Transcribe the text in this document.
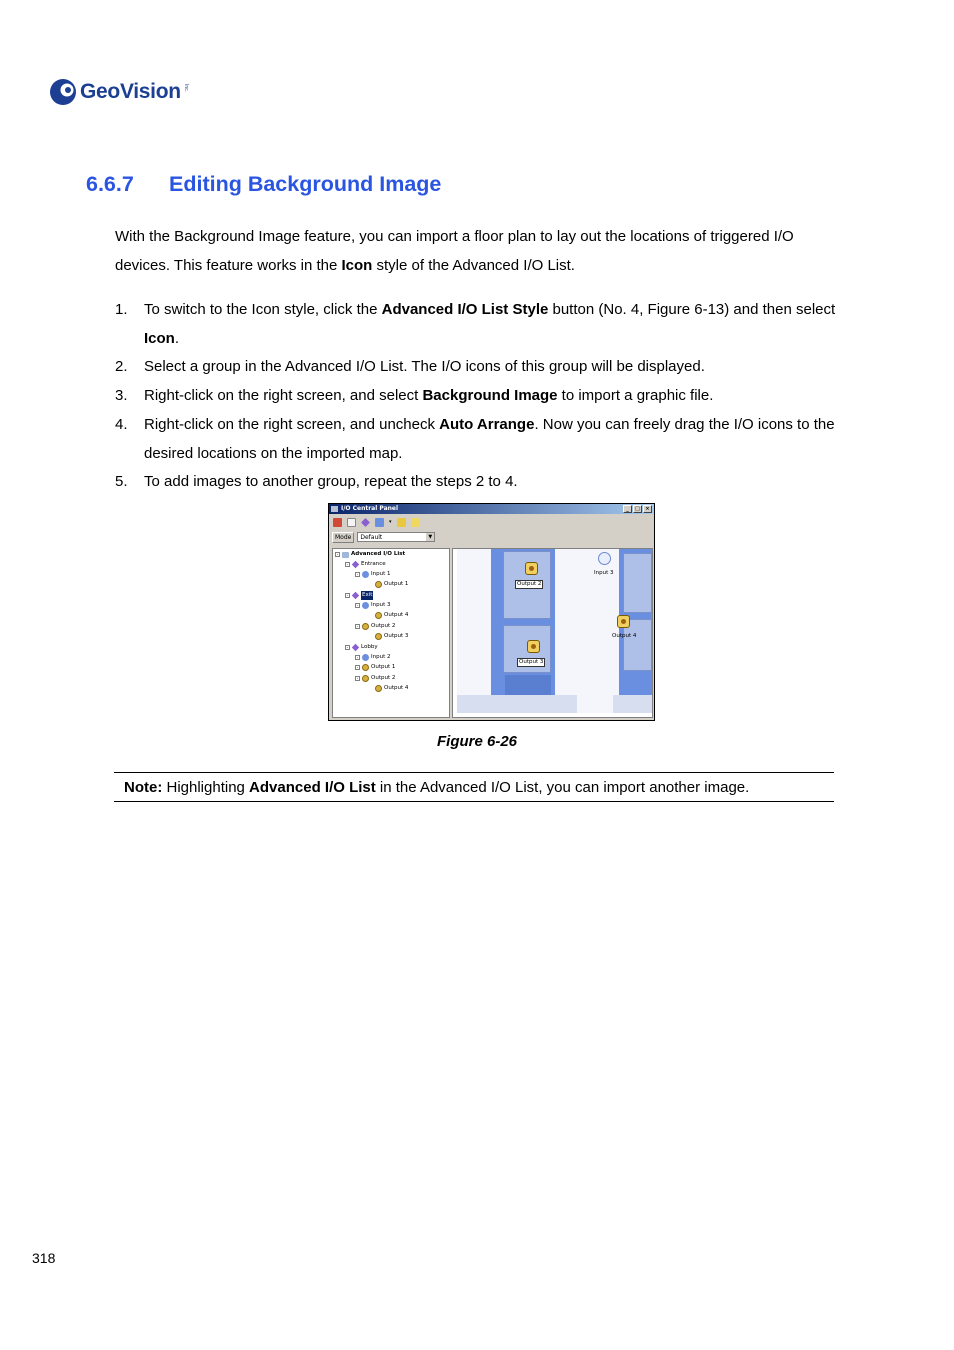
GeoVision Inc.
6.6.7 Editing Background Image
With the Background Image feature, you can import a floor plan to lay out the locations of triggered I/O devices. This feature works in the Icon style of the Advanced I/O List.
1. To switch to the Icon style, click the Advanced I/O List Style button (No. 4, Figure 6-13) and then select Icon.
2. Select a group in the Advanced I/O List. The I/O icons of this group will be displayed.
3. Right-click on the right screen, and select Background Image to import a graphic file.
4. Right-click on the right screen, and uncheck Auto Arrange. Now you can freely drag the I/O icons to the desired locations on the imported map.
5. To add images to another group, repeat the steps 2 to 4.
I/O Central Panel	_	□	×
▾
Mode	Default	▼
-	Advanced I/O List
-	Entrance
-	Input 1
Output 1
-	Exit
-	Input 3
Output 4
-	Output 2
Output 3
-	Lobby
-	Input 2
-	Output 1
-	Output 2
Output 4
Output 2
Input 3
Output 4
Output 3
Figure 6-26
Note: Highlighting Advanced I/O List in the Advanced I/O List, you can import another image.
318
